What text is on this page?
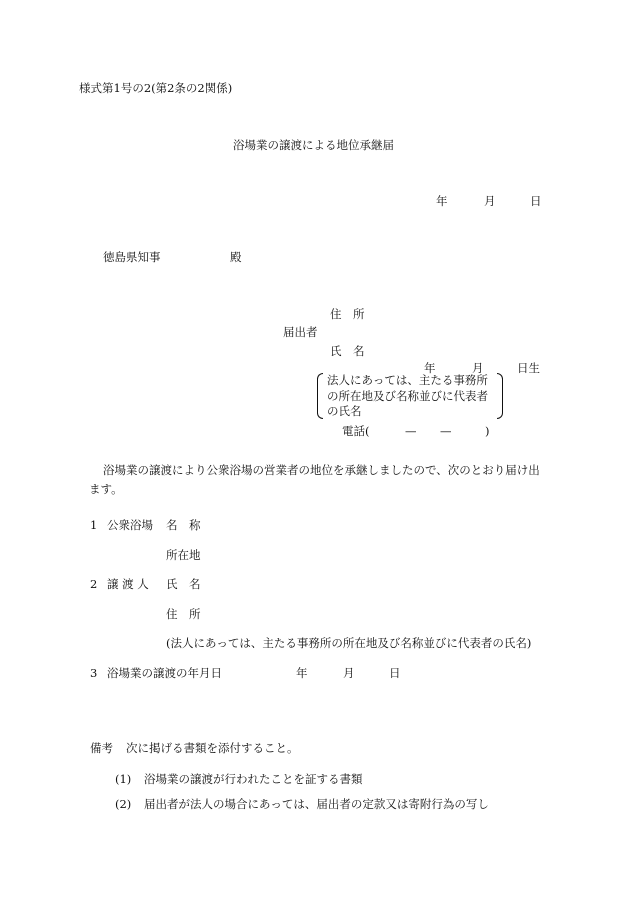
様式第1号の2(第2条の2関係)
浴場業の譲渡による地位承継届
年	月	日
徳島県知事	殿
住　所
届出者
氏　名
年	月	日生
法人にあっては、主たる事務所
の所在地及び名称並びに代表者
の氏名
電話(	— —	)
浴場業の譲渡により公衆浴場の営業者の地位を承継しましたので、次のとおり届け出
ます。
1 公衆浴場 名　称
所在地
2 譲 渡 人 氏　名
住　所
(法人にあっては、主たる事務所の所在地及び名称並びに代表者の氏名)
3 浴場業の譲渡の年月日	年	月	日
備考 次に掲げる書類を添付すること。
(1) 浴場業の譲渡が行われたことを証する書類
(2) 届出者が法人の場合にあっては、届出者の定款又は寄附行為の写し
